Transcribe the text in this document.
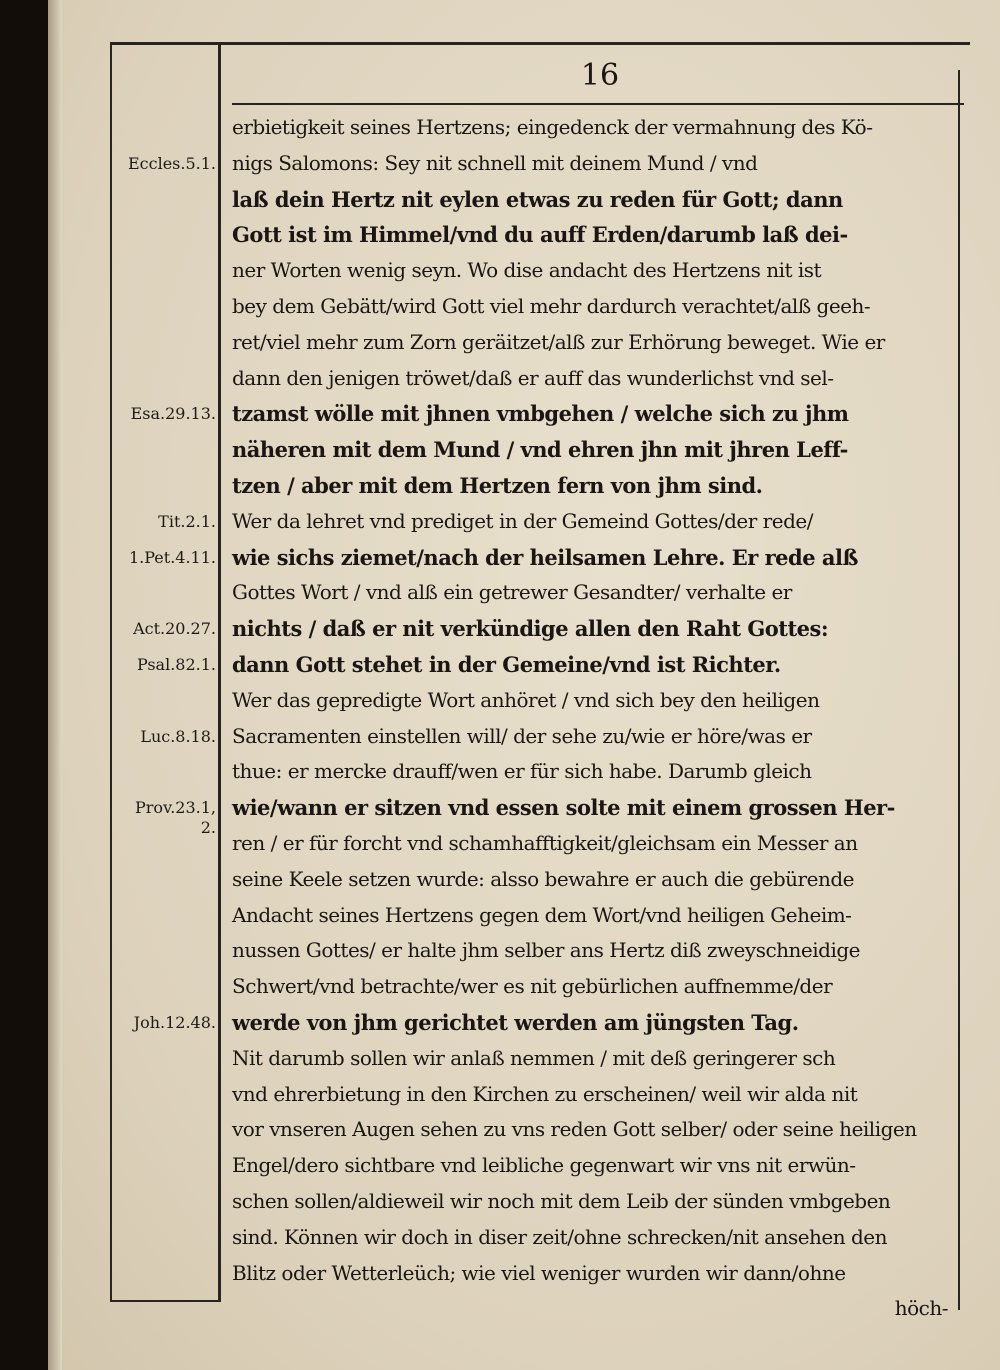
16
Eccles.5.1.
Esa.29.13.
Tit.2.1.
1.Pet.4.11.
Act.20.27.
Psal.82.1.
Luc.8.18.
Prov.23.1,
2.
Joh.12.48.
erbietigkeit seines Hertzens; eingedenck der vermahnung des Kö-
nigs Salomons: Sey nit schnell mit deinem Mund / vnd
laß dein Hertz nit eylen etwas zu reden für Gott; dann
Gott ist im Himmel/vnd du auff Erden/darumb laß dei-
ner Worten wenig seyn. Wo dise andacht des Hertzens nit ist
bey dem Gebätt/wird Gott viel mehr dardurch verachtet/alß geeh-
ret/viel mehr zum Zorn geräitzet/alß zur Erhörung beweget. Wie er
dann den jenigen tröwet/daß er auff das wunderlichst vnd sel-
tzamst wölle mit jhnen vmbgehen / welche sich zu jhm
näheren mit dem Mund / vnd ehren jhn mit jhren Leff-
tzen / aber mit dem Hertzen fern von jhm sind.
Wer da lehret vnd prediget in der Gemeind Gottes/der rede/
wie sichs ziemet/nach der heilsamen Lehre. Er rede alß
Gottes Wort / vnd alß ein getrewer Gesandter/ verhalte er
nichts / daß er nit verkündige allen den Raht Gottes:
dann Gott stehet in der Gemeine/vnd ist Richter.
Wer das gepredigte Wort anhöret / vnd sich bey den heiligen
Sacramenten einstellen will/ der sehe zu/wie er höre/was er
thue: er mercke drauff/wen er für sich habe. Darumb gleich
wie/wann er sitzen vnd essen solte mit einem grossen Her-
ren / er für forcht vnd schamhafftigkeit/gleichsam ein Messer an
seine Keele setzen wurde: alsso bewahre er auch die gebürende
Andacht seines Hertzens gegen dem Wort/vnd heiligen Geheim-
nussen Gottes/ er halte jhm selber ans Hertz diß zweyschneidige
Schwert/vnd betrachte/wer es nit gebürlichen auffnemme/der
werde von jhm gerichtet werden am jüngsten Tag.
Nit darumb sollen wir anlaß nemmen / mit deß geringerer sch
vnd ehrerbietung in den Kirchen zu erscheinen/ weil wir alda nit
vor vnseren Augen sehen zu vns reden Gott selber/ oder seine heiligen
Engel/dero sichtbare vnd leibliche gegenwart wir vns nit erwün-
schen sollen/aldieweil wir noch mit dem Leib der sünden vmbgeben
sind. Können wir doch in diser zeit/ohne schrecken/nit ansehen den
Blitz oder Wetterleüch; wie viel weniger wurden wir dann/ohne
höch-
